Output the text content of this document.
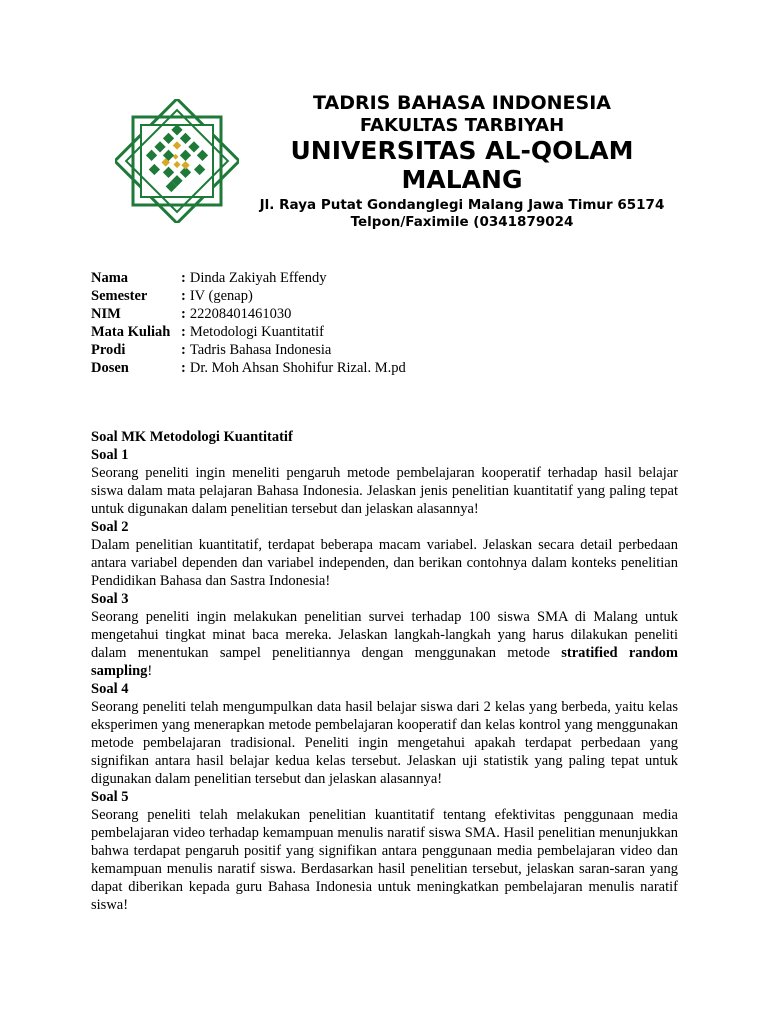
TADRIS BAHASA INDONESIA
FAKULTAS TARBIYAH
UNIVERSITAS AL-QOLAM
MALANG
Jl. Raya Putat Gondanglegi Malang Jawa Timur 65174
Telpon/Faximile (0341879024
Nama	: Dinda Zakiyah Effendy
Semester	: IV (genap)
NIM	: 22208401461030
Mata Kuliah : Metodologi Kuantitatif
Prodi	: Tadris Bahasa Indonesia
Dosen	: Dr. Moh Ahsan Shohifur Rizal. M.pd
Soal MK Metodologi Kuantitatif
Soal 1

Seorang peneliti ingin meneliti pengaruh metode pembelajaran kooperatif terhadap hasil belajar siswa dalam mata pelajaran Bahasa Indonesia. Jelaskan jenis penelitian kuantitatif yang paling tepat untuk digunakan dalam penelitian tersebut dan jelaskan alasannya!

Soal 2

Dalam penelitian kuantitatif, terdapat beberapa macam variabel. Jelaskan secara detail perbedaan antara variabel dependen dan variabel independen, dan berikan contohnya dalam konteks penelitian Pendidikan Bahasa dan Sastra Indonesia!

Soal 3

Seorang peneliti ingin melakukan penelitian survei terhadap 100 siswa SMA di Malang untuk mengetahui tingkat minat baca mereka. Jelaskan langkah-langkah yang harus dilakukan peneliti dalam menentukan sampel penelitiannya dengan menggunakan metode stratified random sampling!

Soal 4

Seorang peneliti telah mengumpulkan data hasil belajar siswa dari 2 kelas yang berbeda, yaitu kelas eksperimen yang menerapkan metode pembelajaran kooperatif dan kelas kontrol yang menggunakan metode pembelajaran tradisional. Peneliti ingin mengetahui apakah terdapat perbedaan yang signifikan antara hasil belajar kedua kelas tersebut. Jelaskan uji statistik yang paling tepat untuk digunakan dalam penelitian tersebut dan jelaskan alasannya!

Soal 5

Seorang peneliti telah melakukan penelitian kuantitatif tentang efektivitas penggunaan media pembelajaran video terhadap kemampuan menulis naratif siswa SMA. Hasil penelitian menunjukkan bahwa terdapat pengaruh positif yang signifikan antara penggunaan media pembelajaran video dan kemampuan menulis naratif siswa. Berdasarkan hasil penelitian tersebut, jelaskan saran-saran yang dapat diberikan kepada guru Bahasa Indonesia untuk meningkatkan pembelajaran menulis naratif siswa!
